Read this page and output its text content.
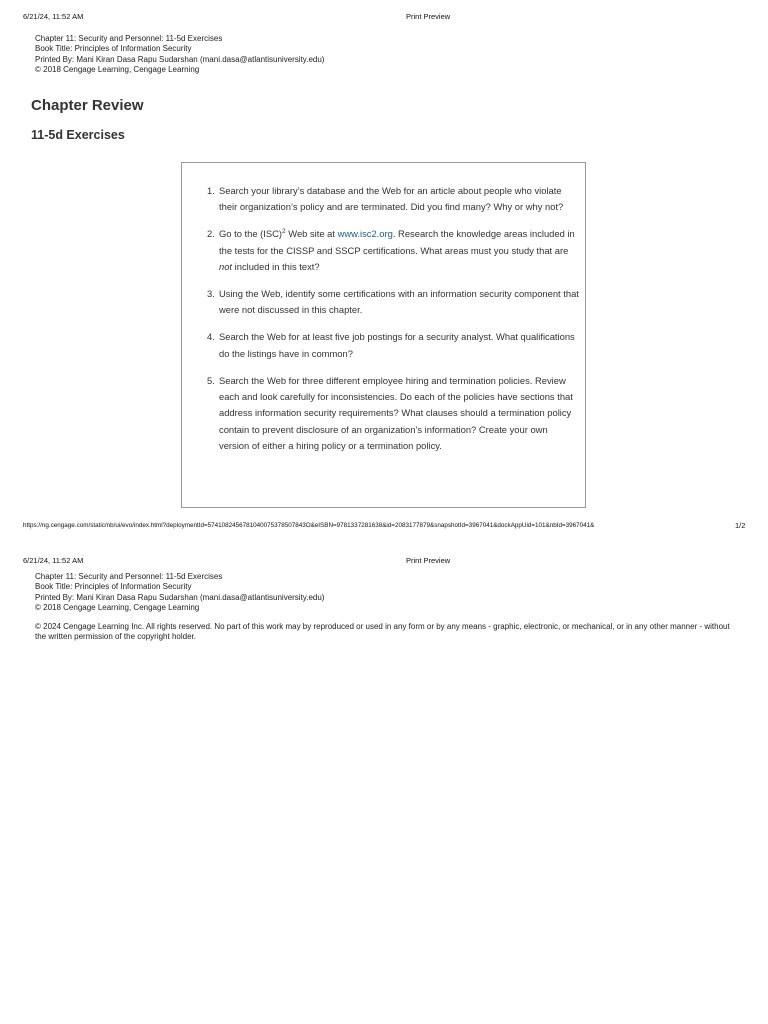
6/21/24, 11:52 AM	Print Preview
Chapter 11: Security and Personnel: 11-5d Exercises
Book Title: Principles of Information Security
Printed By: Mani Kiran Dasa Rapu Sudarshan (mani.dasa@atlantisuniversity.edu)
© 2018 Cengage Learning, Cengage Learning
Chapter Review
11-5d Exercises
1. Search your library’s database and the Web for an article about people who violate their organization’s policy and are terminated. Did you find many? Why or why not?
2. Go to the (ISC)$^2$ Web site at www.isc2.org. Research the knowledge areas included in the tests for the CISSP and SSCP certifications. What areas must you study that are not included in this text?
3. Using the Web, identify some certifications with an information security component that were not discussed in this chapter.
4. Search the Web for at least five job postings for a security analyst. What qualifications do the listings have in common?
5. Search the Web for three different employee hiring and termination policies. Review each and look carefully for inconsistencies. Do each of the policies have sections that address information security requirements? What clauses should a termination policy contain to prevent disclosure of an organization’s information? Create your own version of either a hiring policy or a termination policy.
https://ng.cengage.com/static/nb/ui/evo/index.html?deploymentId=5741082456781040075378507843O&eISBN=9781337281638&id=2083177879&snapshotId=3967041&dockAppUid=101&nbId=3967041&	1/2
6/21/24, 11:52 AM	Print Preview
Chapter 11: Security and Personnel: 11-5d Exercises
Book Title: Principles of Information Security
Printed By: Mani Kiran Dasa Rapu Sudarshan (mani.dasa@atlantisuniversity.edu)
© 2018 Cengage Learning, Cengage Learning
© 2024 Cengage Learning Inc. All rights reserved. No part of this work may by reproduced or used in any form or by any means - graphic, electronic, or mechanical, or in any other manner - without the written permission of the copyright holder.
